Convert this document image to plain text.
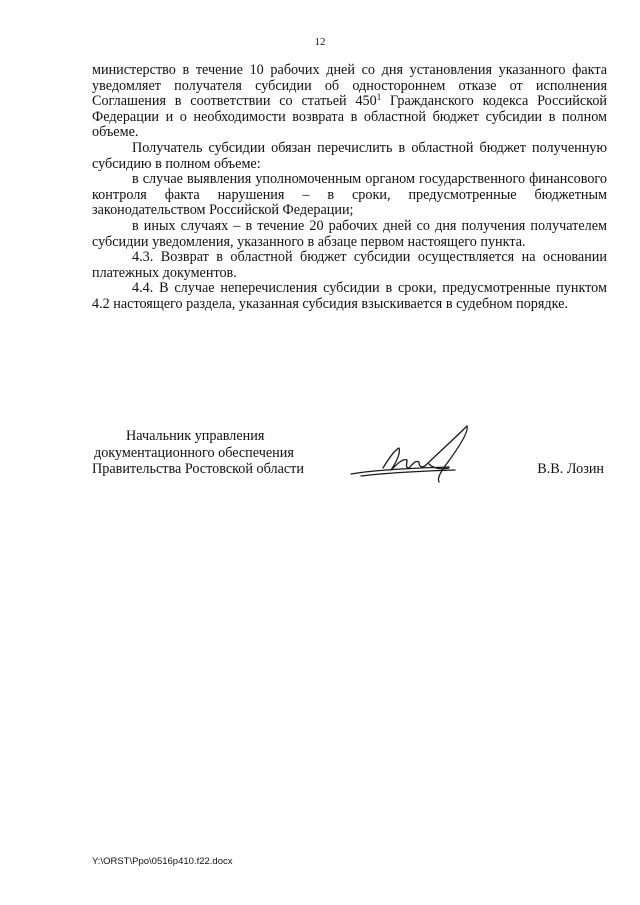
12

министерство в течение 10 рабочих дней со дня установления указанного факта уведомляет получателя субсидии об одностороннем отказе от исполнения Соглашения в соответствии со статьей $450^1$ Гражданского кодекса Российской Федерации и о необходимости возврата в областной бюджет субсидии в полном объеме.

Получатель субсидии обязан перечислить в областной бюджет полученную субсидию в полном объеме:

в случае выявления уполномоченным органом государственного финансового контроля факта нарушения – в сроки, предусмотренные бюджетным законодательством Российской Федерации;

в иных случаях – в течение 20 рабочих дней со дня получения получателем субсидии уведомления, указанного в абзаце первом настоящего пункта.

4.3. Возврат в областной бюджет субсидии осуществляется на основании платежных документов.

4.4. В случае неперечисления субсидии в сроки, предусмотренные пунктом 4.2 настоящего раздела, указанная субсидия взыскивается в судебном порядке.

Начальник управления
документационного обеспечения
Правительства Ростовской области	В.В. Лозин
Y:\ORST\Ppo\0516p410.f22.docx
